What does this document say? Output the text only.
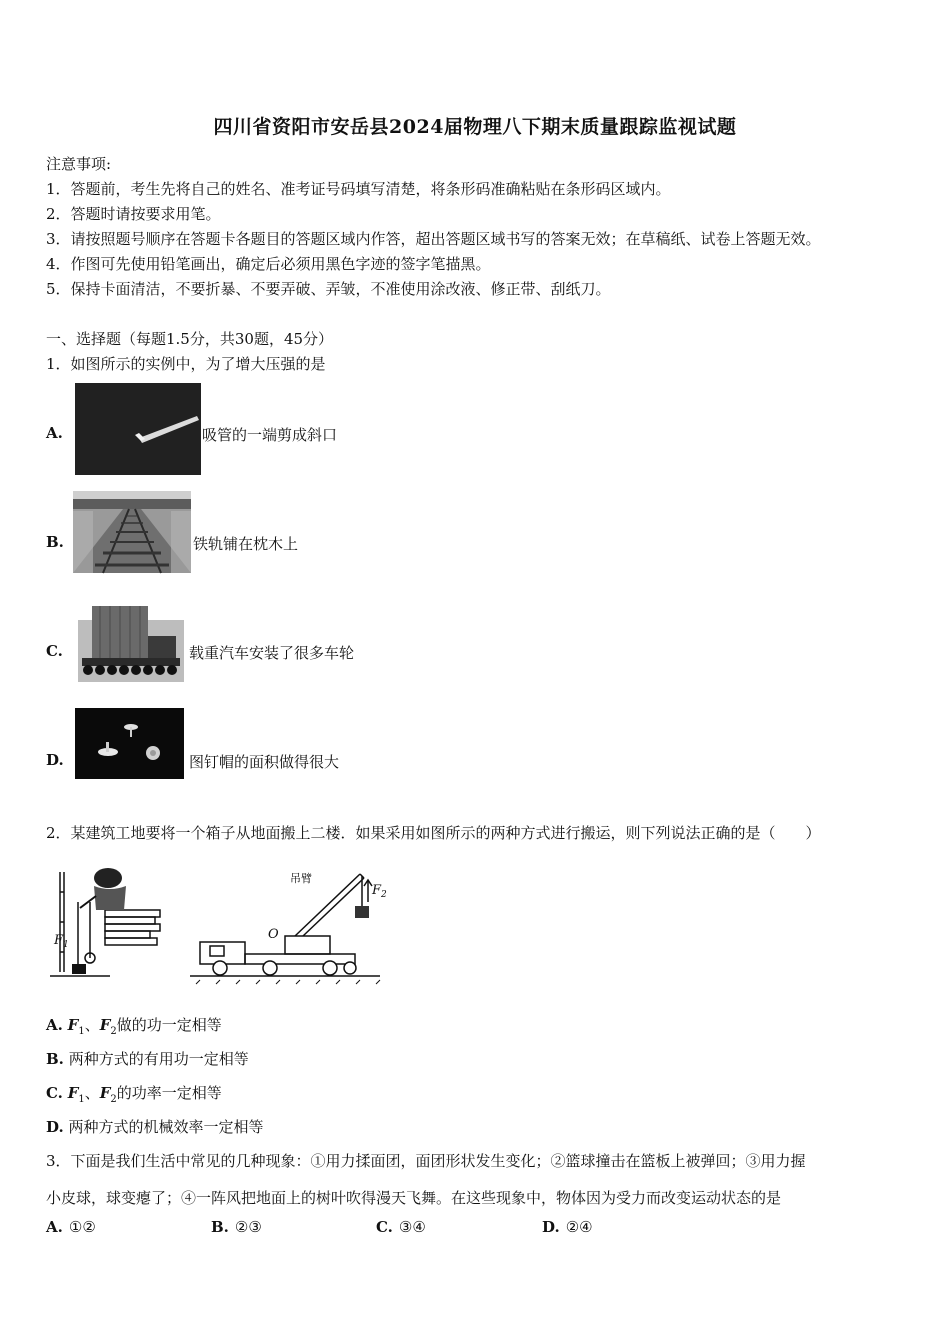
四川省资阳市安岳县2024届物理八下期末质量跟踪监视试题
注意事项:
1．答题前，考生先将自己的姓名、准考证号码填写清楚，将条形码准确粘贴在条形码区域内。
2．答题时请按要求用笔。
3．请按照题号顺序在答题卡各题目的答题区域内作答，超出答题区域书写的答案无效；在草稿纸、试卷上答题无效。
4．作图可先使用铅笔画出，确定后必须用黑色字迹的签字笔描黑。
5．保持卡面清洁，不要折暴、不要弄破、弄皱，不准使用涂改液、修正带、刮纸刀。
一、选择题（每题1.5分，共30题，45分）
1．如图所示的实例中，为了增大压强的是
A.	吸管的一端剪成斜口
B.	铁轨铺在枕木上
C.	载重汽车安装了很多车轮
D.	图钉帽的面积做得很大
2．某建筑工地要将一个箱子从地面搬上二楼．如果采用如图所示的两种方式进行搬运，则下列说法正确的是（　　）
$F_1$
吊臂
$F_2$
O
A. $F_1$、$F_2$做的功一定相等
B. 两种方式的有用功一定相等
C. $F_1$、$F_2$的功率一定相等
D. 两种方式的机械效率一定相等
3．下面是我们生活中常见的几种现象：①用力揉面团，面团形状发生变化；②篮球撞击在篮板上被弹回；③用力握
小皮球，球变瘪了；④一阵风把地面上的树叶吹得漫天飞舞。在这些现象中，物体因为受力而改变运动状态的是
A. ①②	B. ②③	C. ③④	D. ②④
